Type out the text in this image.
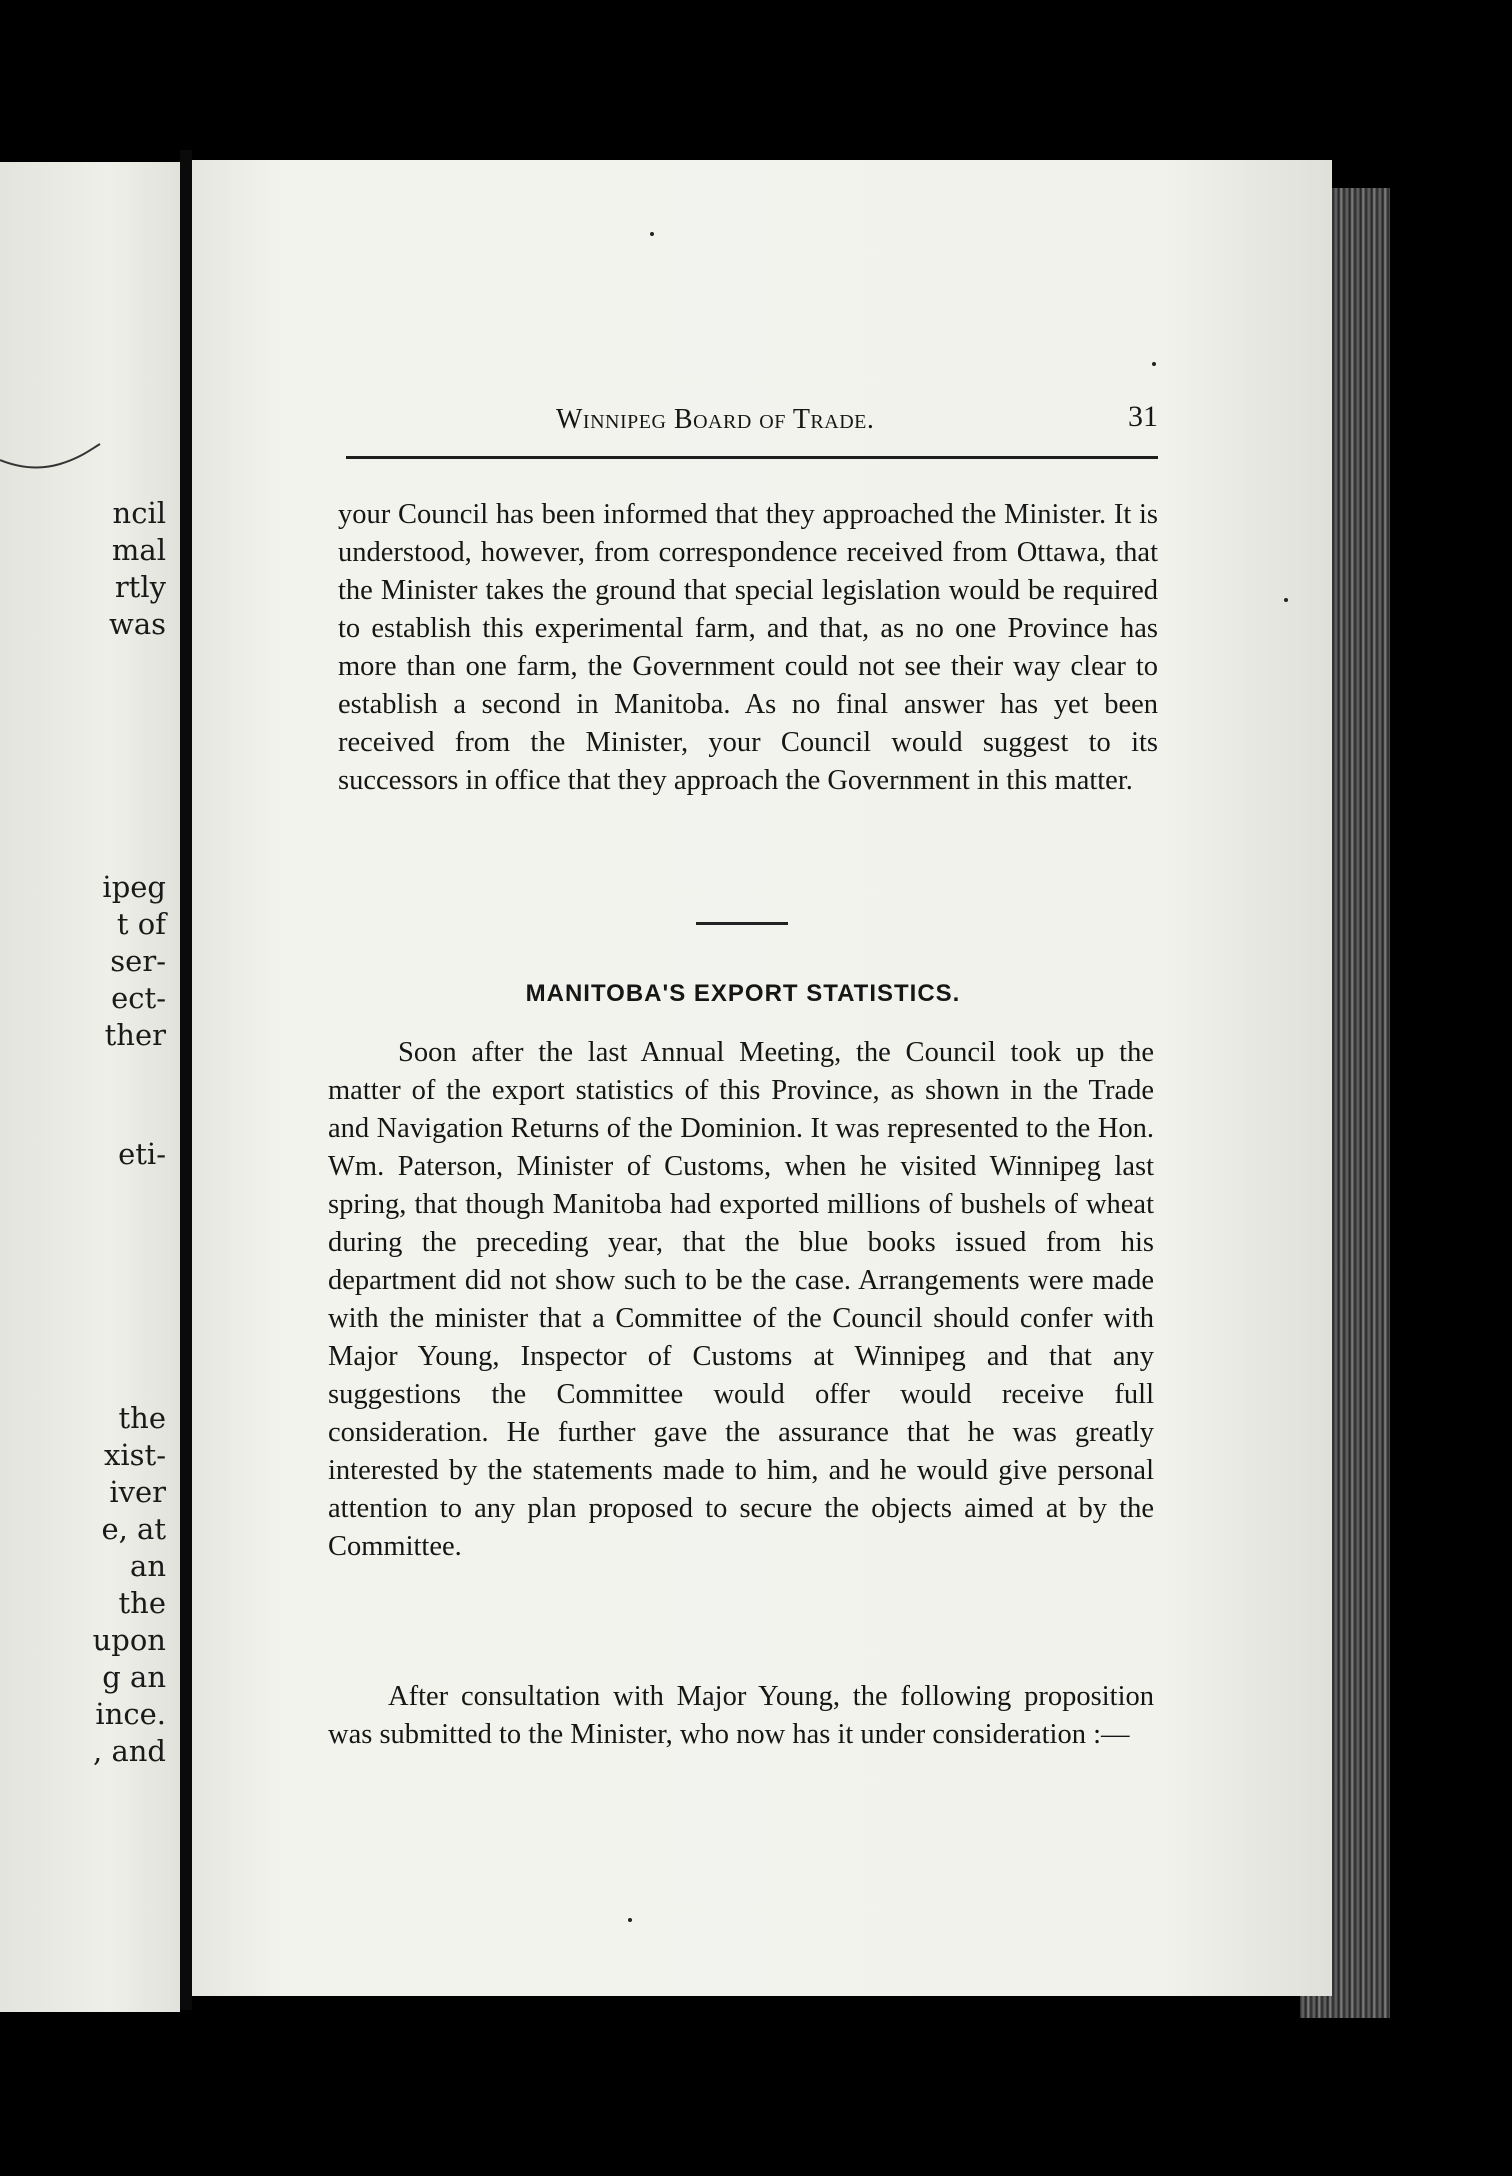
ncil
mal
rtly
was
ipeg
t of
ser-
ect-
ther
eti-
the
xist-
iver
e, at
an
the
upon
g an
ince.
, and
Winnipeg Board of Trade.	31

your Council has been informed that they approached the Minister. It is understood, however, from correspondence received from Ottawa, that the Minister takes the ground that special legislation would be required to establish this experimental farm, and that, as no one Province has more than one farm, the Government could not see their way clear to establish a second in Manitoba. As no final answer has yet been received from the Minister, your Council would suggest to its successors in office that they approach the Government in this matter.

MANITOBA'S EXPORT STATISTICS.

Soon after the last Annual Meeting, the Council took up the matter of the export statistics of this Province, as shown in the Trade and Navigation Returns of the Dominion. It was represented to the Hon. Wm. Paterson, Minister of Customs, when he visited Winnipeg last spring, that though Manitoba had exported millions of bushels of wheat during the preceding year, that the blue books issued from his department did not show such to be the case. Arrangements were made with the minister that a Committee of the Council should confer with Major Young, Inspector of Customs at Winnipeg and that any suggestions the Committee would offer would receive full consideration. He further gave the assurance that he was greatly interested by the statements made to him, and he would give personal attention to any plan proposed to secure the objects aimed at by the Committee.

After consultation with Major Young, the following proposition was submitted to the Minister, who now has it under consideration :—
